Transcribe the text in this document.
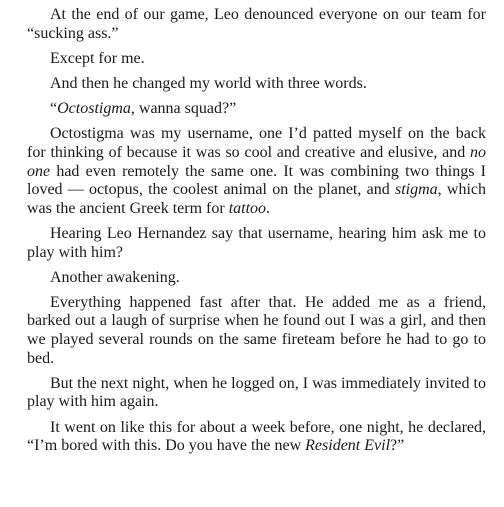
At the end of our game, Leo denounced everyone on our team for “sucking ass.”

Except for me.

And then he changed my world with three words.

“Octostigma, wanna squad?”

Octostigma was my username, one I’d patted myself on the back for thinking of because it was so cool and creative and elusive, and no one had even remotely the same one. It was combining two things I loved — octopus, the coolest animal on the planet, and stigma, which was the ancient Greek term for tattoo.

Hearing Leo Hernandez say that username, hearing him ask me to play with him?

Another awakening.

Everything happened fast after that. He added me as a friend, barked out a laugh of surprise when he found out I was a girl, and then we played several rounds on the same fireteam before he had to go to bed.

But the next night, when he logged on, I was immediately invited to play with him again.

It went on like this for about a week before, one night, he declared, “I’m bored with this. Do you have the new Resident Evil?”
